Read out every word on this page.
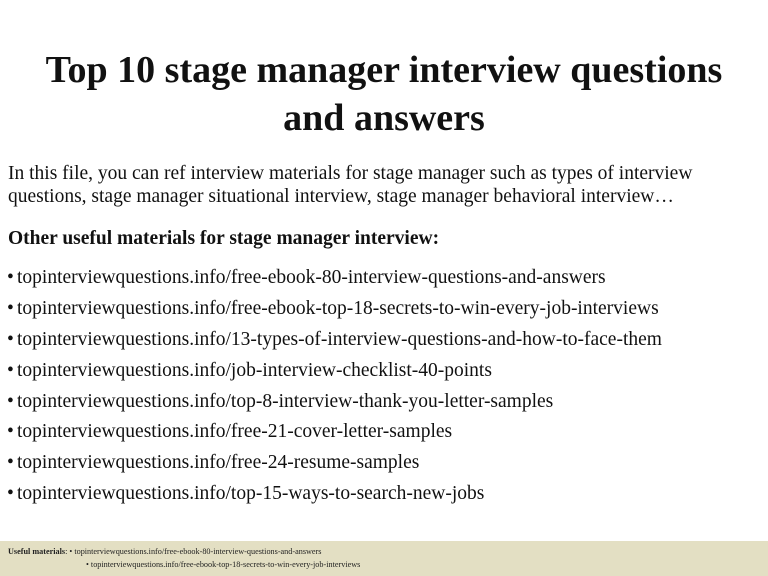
Top 10 stage manager interview questions
and answers
In this file, you can ref interview materials for stage manager such as types of interview
questions, stage manager situational interview, stage manager behavioral interview…
Other useful materials for stage manager interview:
• topinterviewquestions.info/free-ebook-80-interview-questions-and-answers
• topinterviewquestions.info/free-ebook-top-18-secrets-to-win-every-job-interviews
• topinterviewquestions.info/13-types-of-interview-questions-and-how-to-face-them
• topinterviewquestions.info/job-interview-checklist-40-points
• topinterviewquestions.info/top-8-interview-thank-you-letter-samples
• topinterviewquestions.info/free-21-cover-letter-samples
• topinterviewquestions.info/free-24-resume-samples
• topinterviewquestions.info/top-15-ways-to-search-new-jobs
Useful materials: • topinterviewquestions.info/free-ebook-80-interview-questions-and-answers
• topinterviewquestions.info/free-ebook-top-18-secrets-to-win-every-job-interviews
